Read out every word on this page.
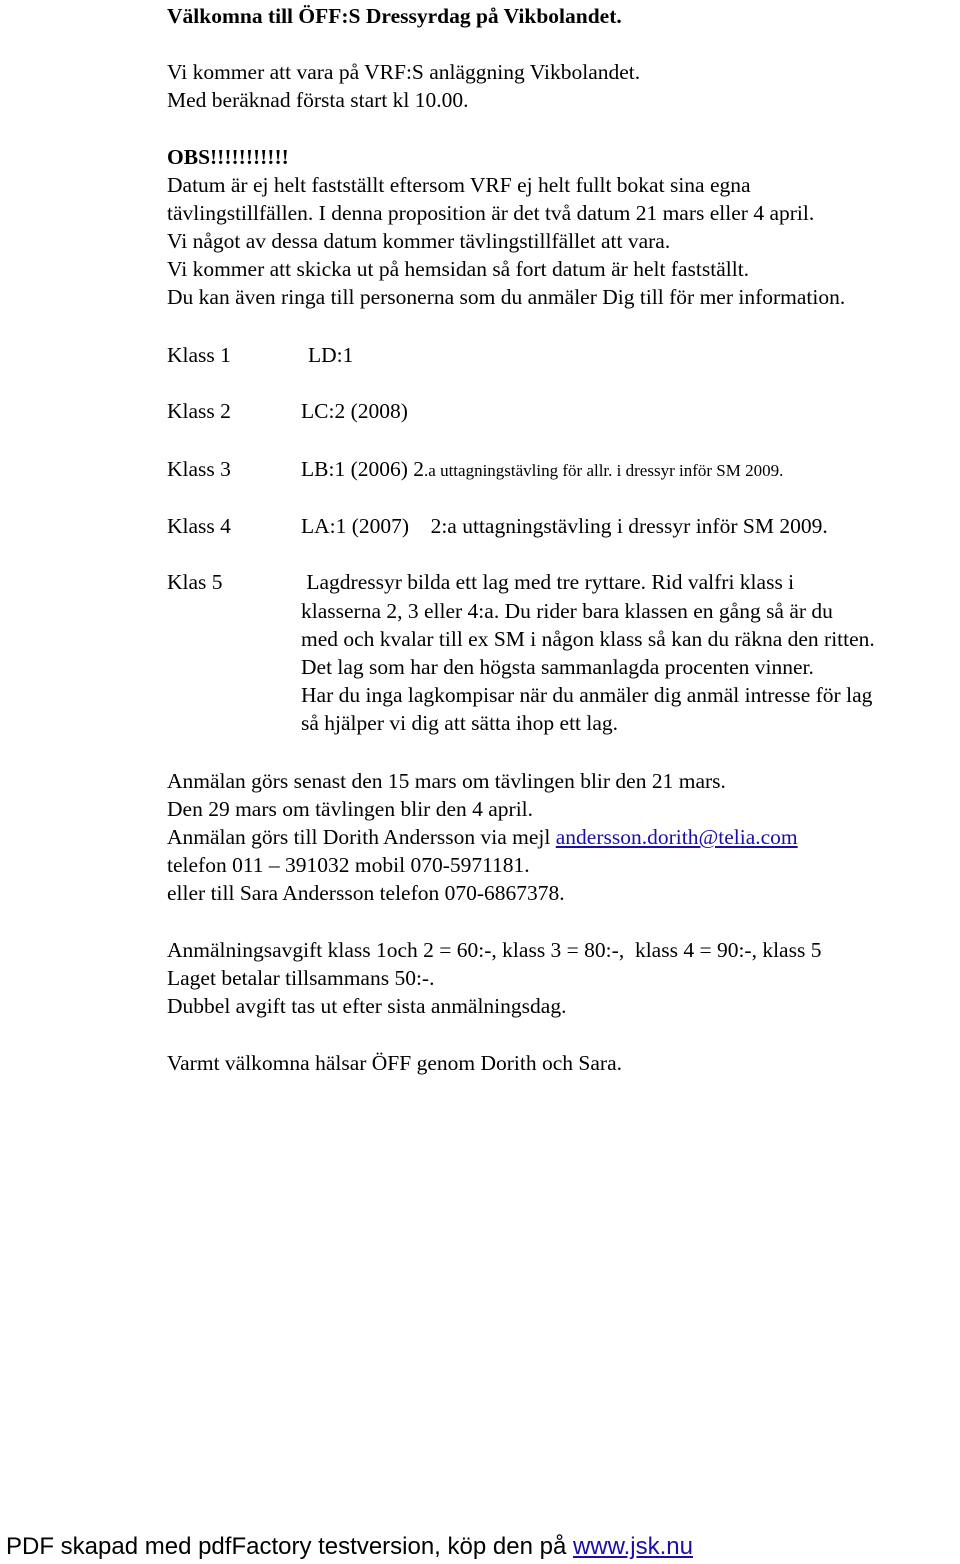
Välkomna till ÖFF:S Dressyrdag på Vikbolandet.
Vi kommer att vara på VRF:S anläggning Vikbolandet.
Med beräknad första start kl 10.00.
OBS!!!!!!!!!!!
Datum är ej helt fastställt eftersom VRF ej helt fullt bokat sina egna
tävlingstillfällen. I denna proposition är det två datum 21 mars eller 4 april.
Vi något av dessa datum kommer tävlingstillfället att vara.
Vi kommer att skicka ut på hemsidan så fort datum är helt fastställt.
Du kan även ringa till personerna som du anmäler Dig till för mer information.
Klass 1	LD:1
Klass 2	LC:2 (2008)
Klass 3	LB:1 (2006) 2.a uttagningstävling för allr. i dressyr inför SM 2009.
Klass 4	LA:1 (2007)    2:a uttagningstävling i dressyr inför SM 2009.
Klas 5	Lagdressyr bilda ett lag med tre ryttare. Rid valfri klass i
klasserna 2, 3 eller 4:a. Du rider bara klassen en gång så är du
med och kvalar till ex SM i någon klass så kan du räkna den ritten.
Det lag som har den högsta sammanlagda procenten vinner.
Har du inga lagkompisar när du anmäler dig anmäl intresse för lag
så hjälper vi dig att sätta ihop ett lag.
Anmälan görs senast den 15 mars om tävlingen blir den 21 mars.
Den 29 mars om tävlingen blir den 4 april.
Anmälan görs till Dorith Andersson via mejl andersson.dorith@telia.com
telefon 011 – 391032 mobil 070-5971181.
eller till Sara Andersson telefon 070-6867378.
Anmälningsavgift klass 1och 2 = 60:-, klass 3 = 80:-,  klass 4 = 90:-, klass 5
Laget betalar tillsammans 50:-.
Dubbel avgift tas ut efter sista anmälningsdag.
Varmt välkomna hälsar ÖFF genom Dorith och Sara.
PDF skapad med pdfFactory testversion, köp den på www.jsk.nu
